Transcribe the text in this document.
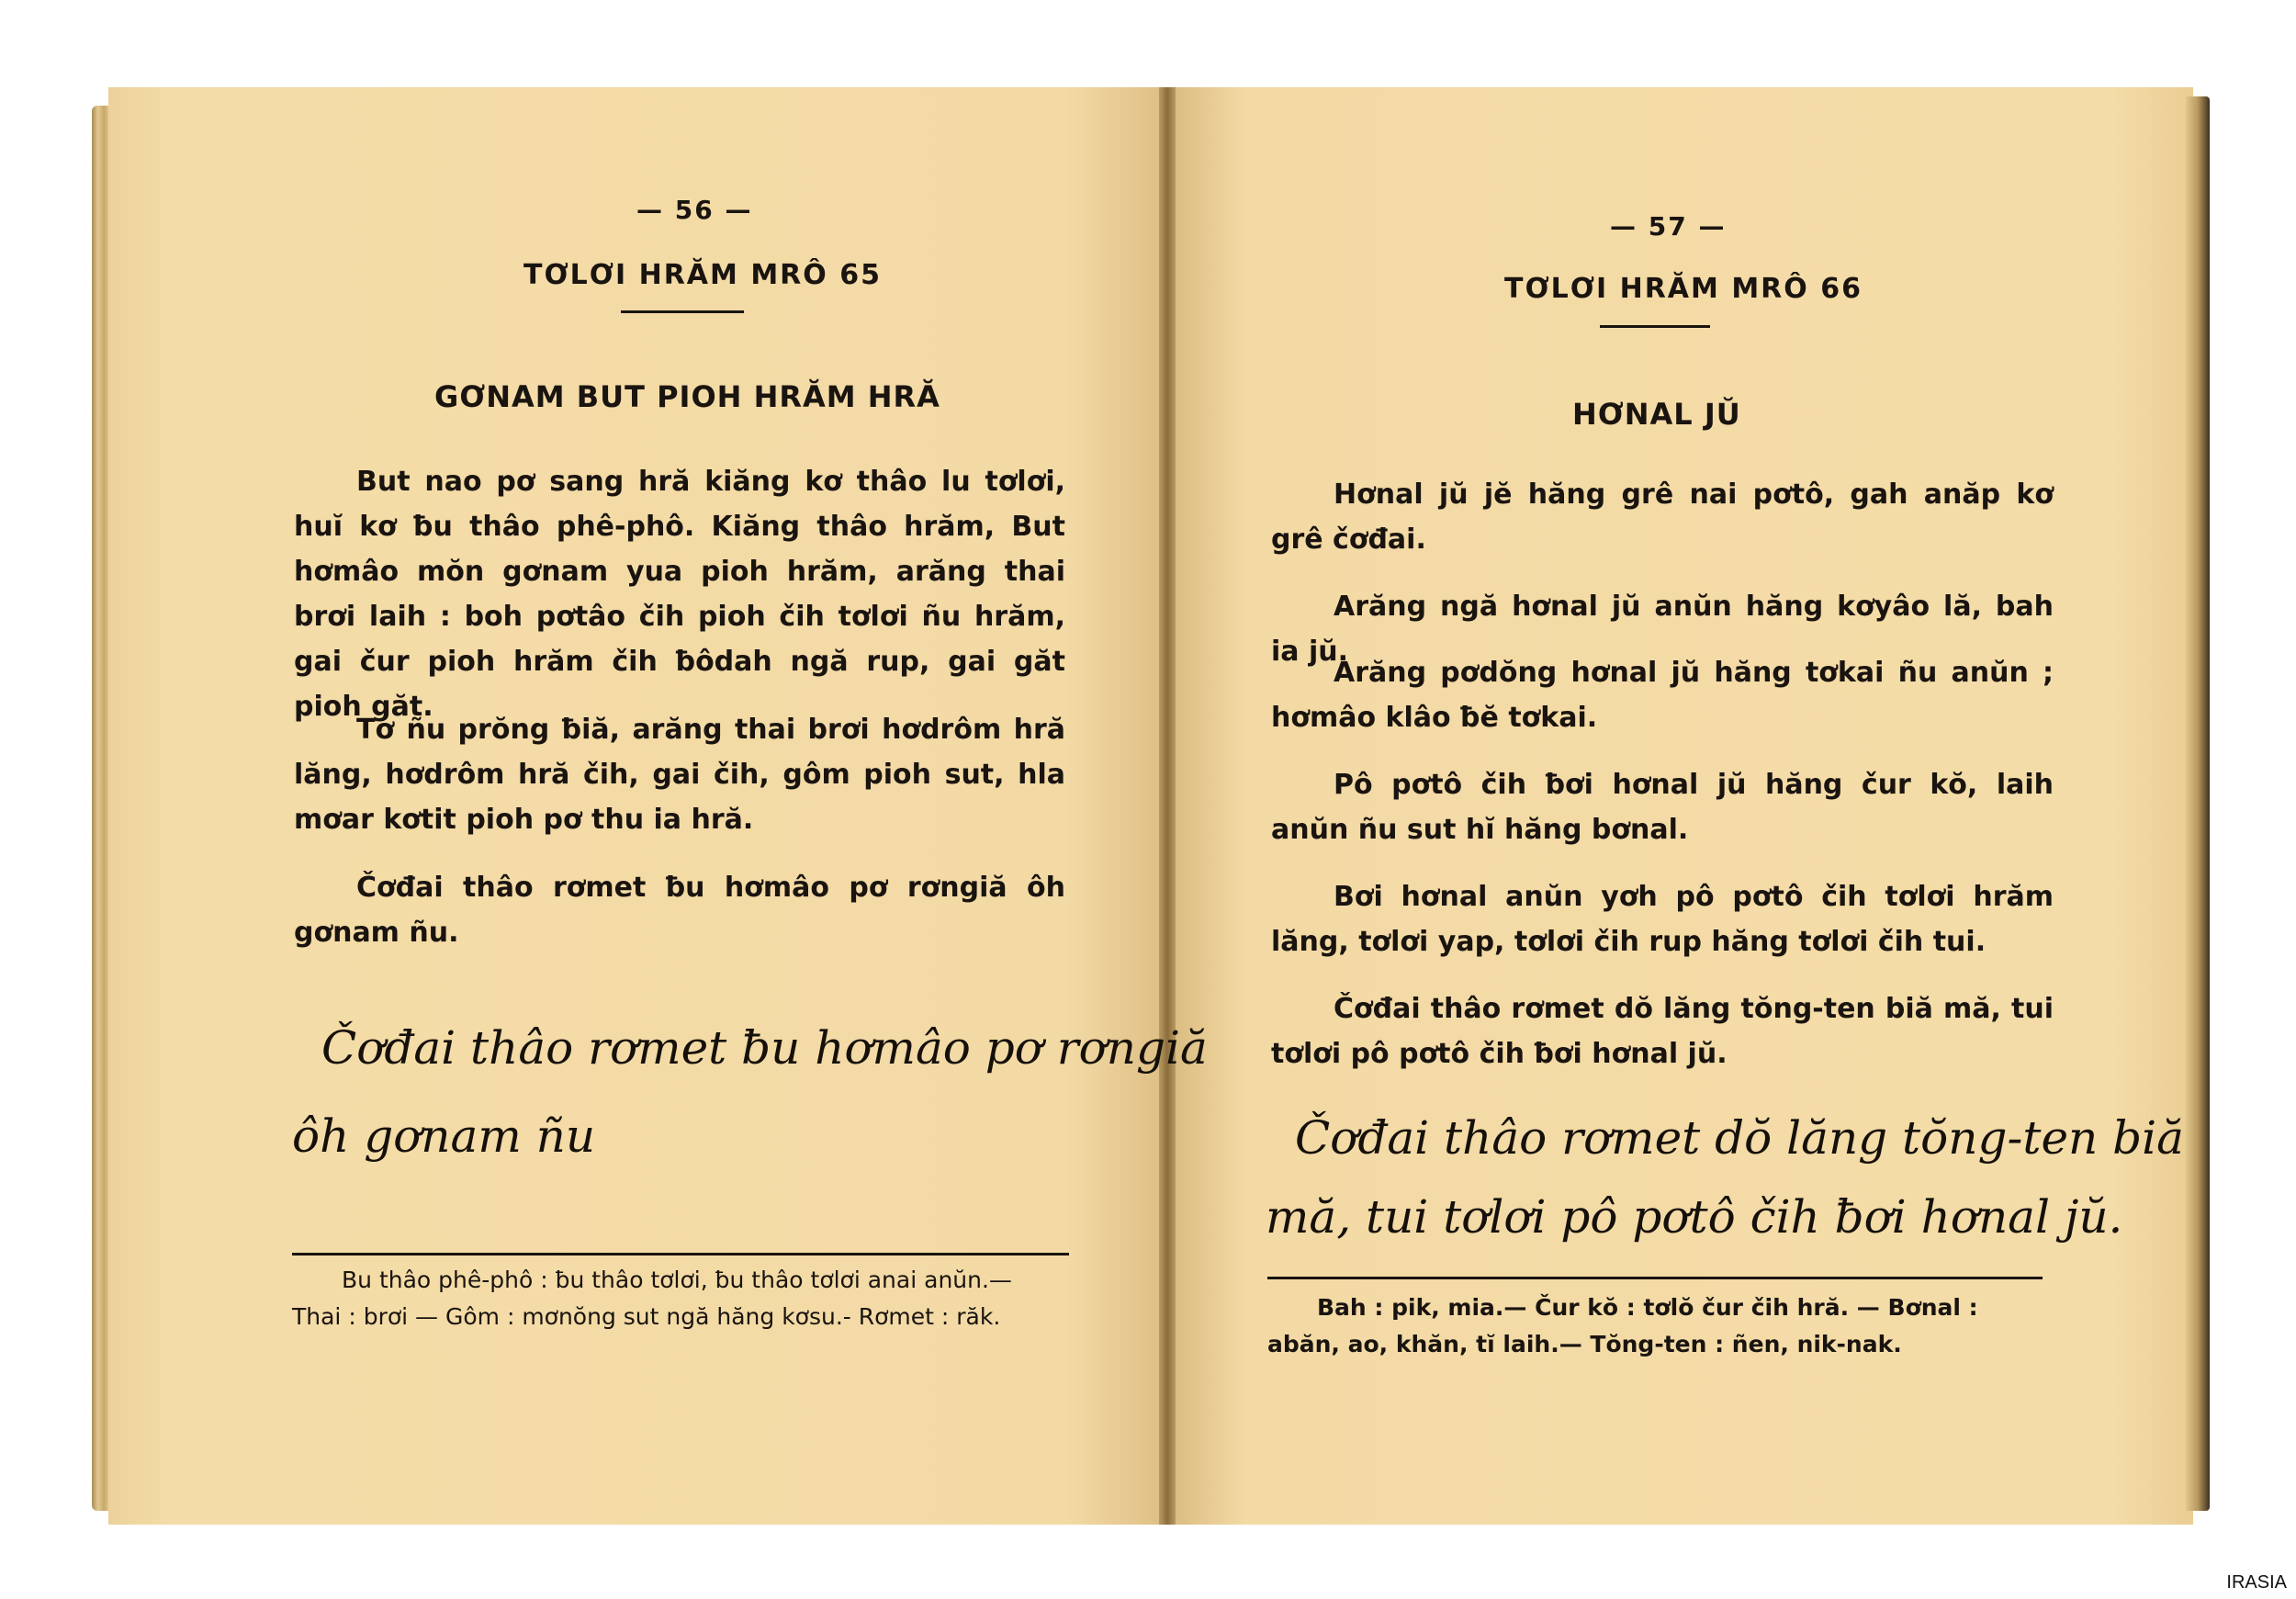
— 56 —
TƠLƠI HRĂM MRÔ 65
GƠNAM BUT PIOH HRĂM HRĂ
But nao pơ sang hră kiăng kơ thâo lu tơlơi, huĭ kơ ƀu thâo phê-phô. Kiăng thâo hrăm, But hơmâo mŏn gơnam yua pioh hrăm, arăng thai brơi laih : boh pơtâo čih pioh čih tơlơi ñu hrăm, gai čur pioh hrăm čih ƀôdah ngă rup, gai găt pioh găt.
Tơ ñu prŏng ƀiă, arăng thai brơi hơdrôm hră lăng, hơdrôm hră čih, gai čih, gôm pioh sut, hla mơar kơtit pioh pơ thu ia hră.
Čơđai thâo rơmet ƀu hơmâo pơ rơngiă ôh gơnam ñu.
Čơđai thâo rơmet ƀu hơmâo pơ rơngiă
ôh gơnam ñu
Bu thâo phê-phô : ƀu thâo tơlơi, ƀu thâo tơlơi anai anŭn.—
Thai : brơi — Gôm : mơnŏng sut ngă hăng kơsu.- Rơmet : răk.
— 57 —
TƠLƠI HRĂM MRÔ 66
HƠNAL JŬ
Hơnal jŭ jĕ hăng grê nai pơtô, gah anăp kơ grê čơđai.
Arăng ngă hơnal jŭ anŭn hăng kơyâo lă, bah ia jŭ.
Arăng pơdŏng hơnal jŭ hăng tơkai ñu anŭn ; hơmâo klâo ƀĕ tơkai.
Pô pơtô čih ƀơi hơnal jŭ hăng čur kŏ, laih anŭn ñu sut hĭ hăng bơnal.
Bơi hơnal anŭn yơh pô pơtô čih tơlơi hrăm lăng, tơlơi yap, tơlơi čih rup hăng tơlơi čih tui.
Čơđai thâo rơmet dŏ lăng tŏng-ten biă mă, tui tơlơi pô pơtô čih ƀơi hơnal jŭ.
Čơđai thâo rơmet dŏ lăng tŏng-ten biă
mă, tui tơlơi pô pơtô čih ƀơi hơnal jŭ.
Bah : pik, mia.— Čur kŏ : tơlŏ čur čih hră. — Bơnal :
abăn, ao, khăn, tĭ laih.— Tŏng-ten : ñen, nik-nak.
IRASIA
